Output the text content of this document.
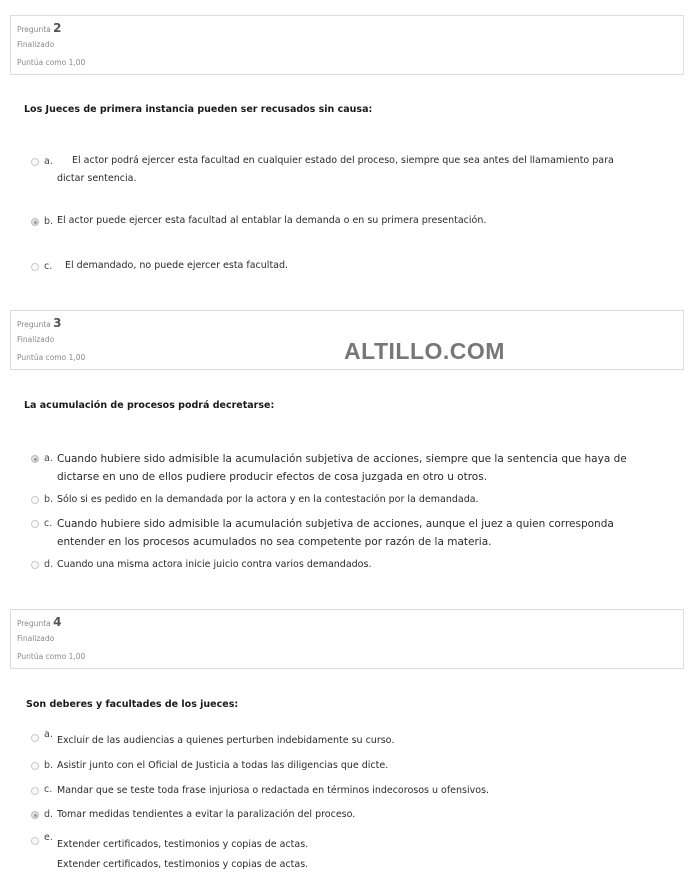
Pregunta 2
Finalizado
Puntúa como 1,00
Los Jueces de primera instancia pueden ser recusados sin causa:
a. El actor podrá ejercer esta facultad en cualquier estado del proceso, siempre que sea antes del llamamiento para
dictar sentencia.
b. El actor puede ejercer esta facultad al entablar la demanda o en su primera presentación.
c. El demandado, no puede ejercer esta facultad.
Pregunta 3
Finalizado
Puntúa como 1,00	ALTILLO.COM
La acumulación de procesos podrá decretarse:
a. Cuando hubiere sido admisible la acumulación subjetiva de acciones, siempre que la sentencia que haya de
dictarse en uno de ellos pudiere producir efectos de cosa juzgada en otro u otros.
b. Sólo si es pedido en la demandada por la actora y en la contestación por la demandada.
c. Cuando hubiere sido admisible la acumulación subjetiva de acciones, aunque el juez a quien corresponda
entender en los procesos acumulados no sea competente por razón de la materia.
d. Cuando una misma actora inicie juicio contra varios demandados.
Pregunta 4
Finalizado
Puntúa como 1,00
Son deberes y facultades de los jueces:
a.
Excluir de las audiencias a quienes perturben indebidamente su curso.
b. Asistir junto con el Oficial de Justicia a todas las diligencias que dicte.
c. Mandar que se teste toda frase injuriosa o redactada en términos indecorosos u ofensivos.
d. Tomar medidas tendientes a evitar la paralización del proceso.
e.
Extender certificados, testimonios y copias de actas.
Extender certificados, testimonios y copias de actas.
